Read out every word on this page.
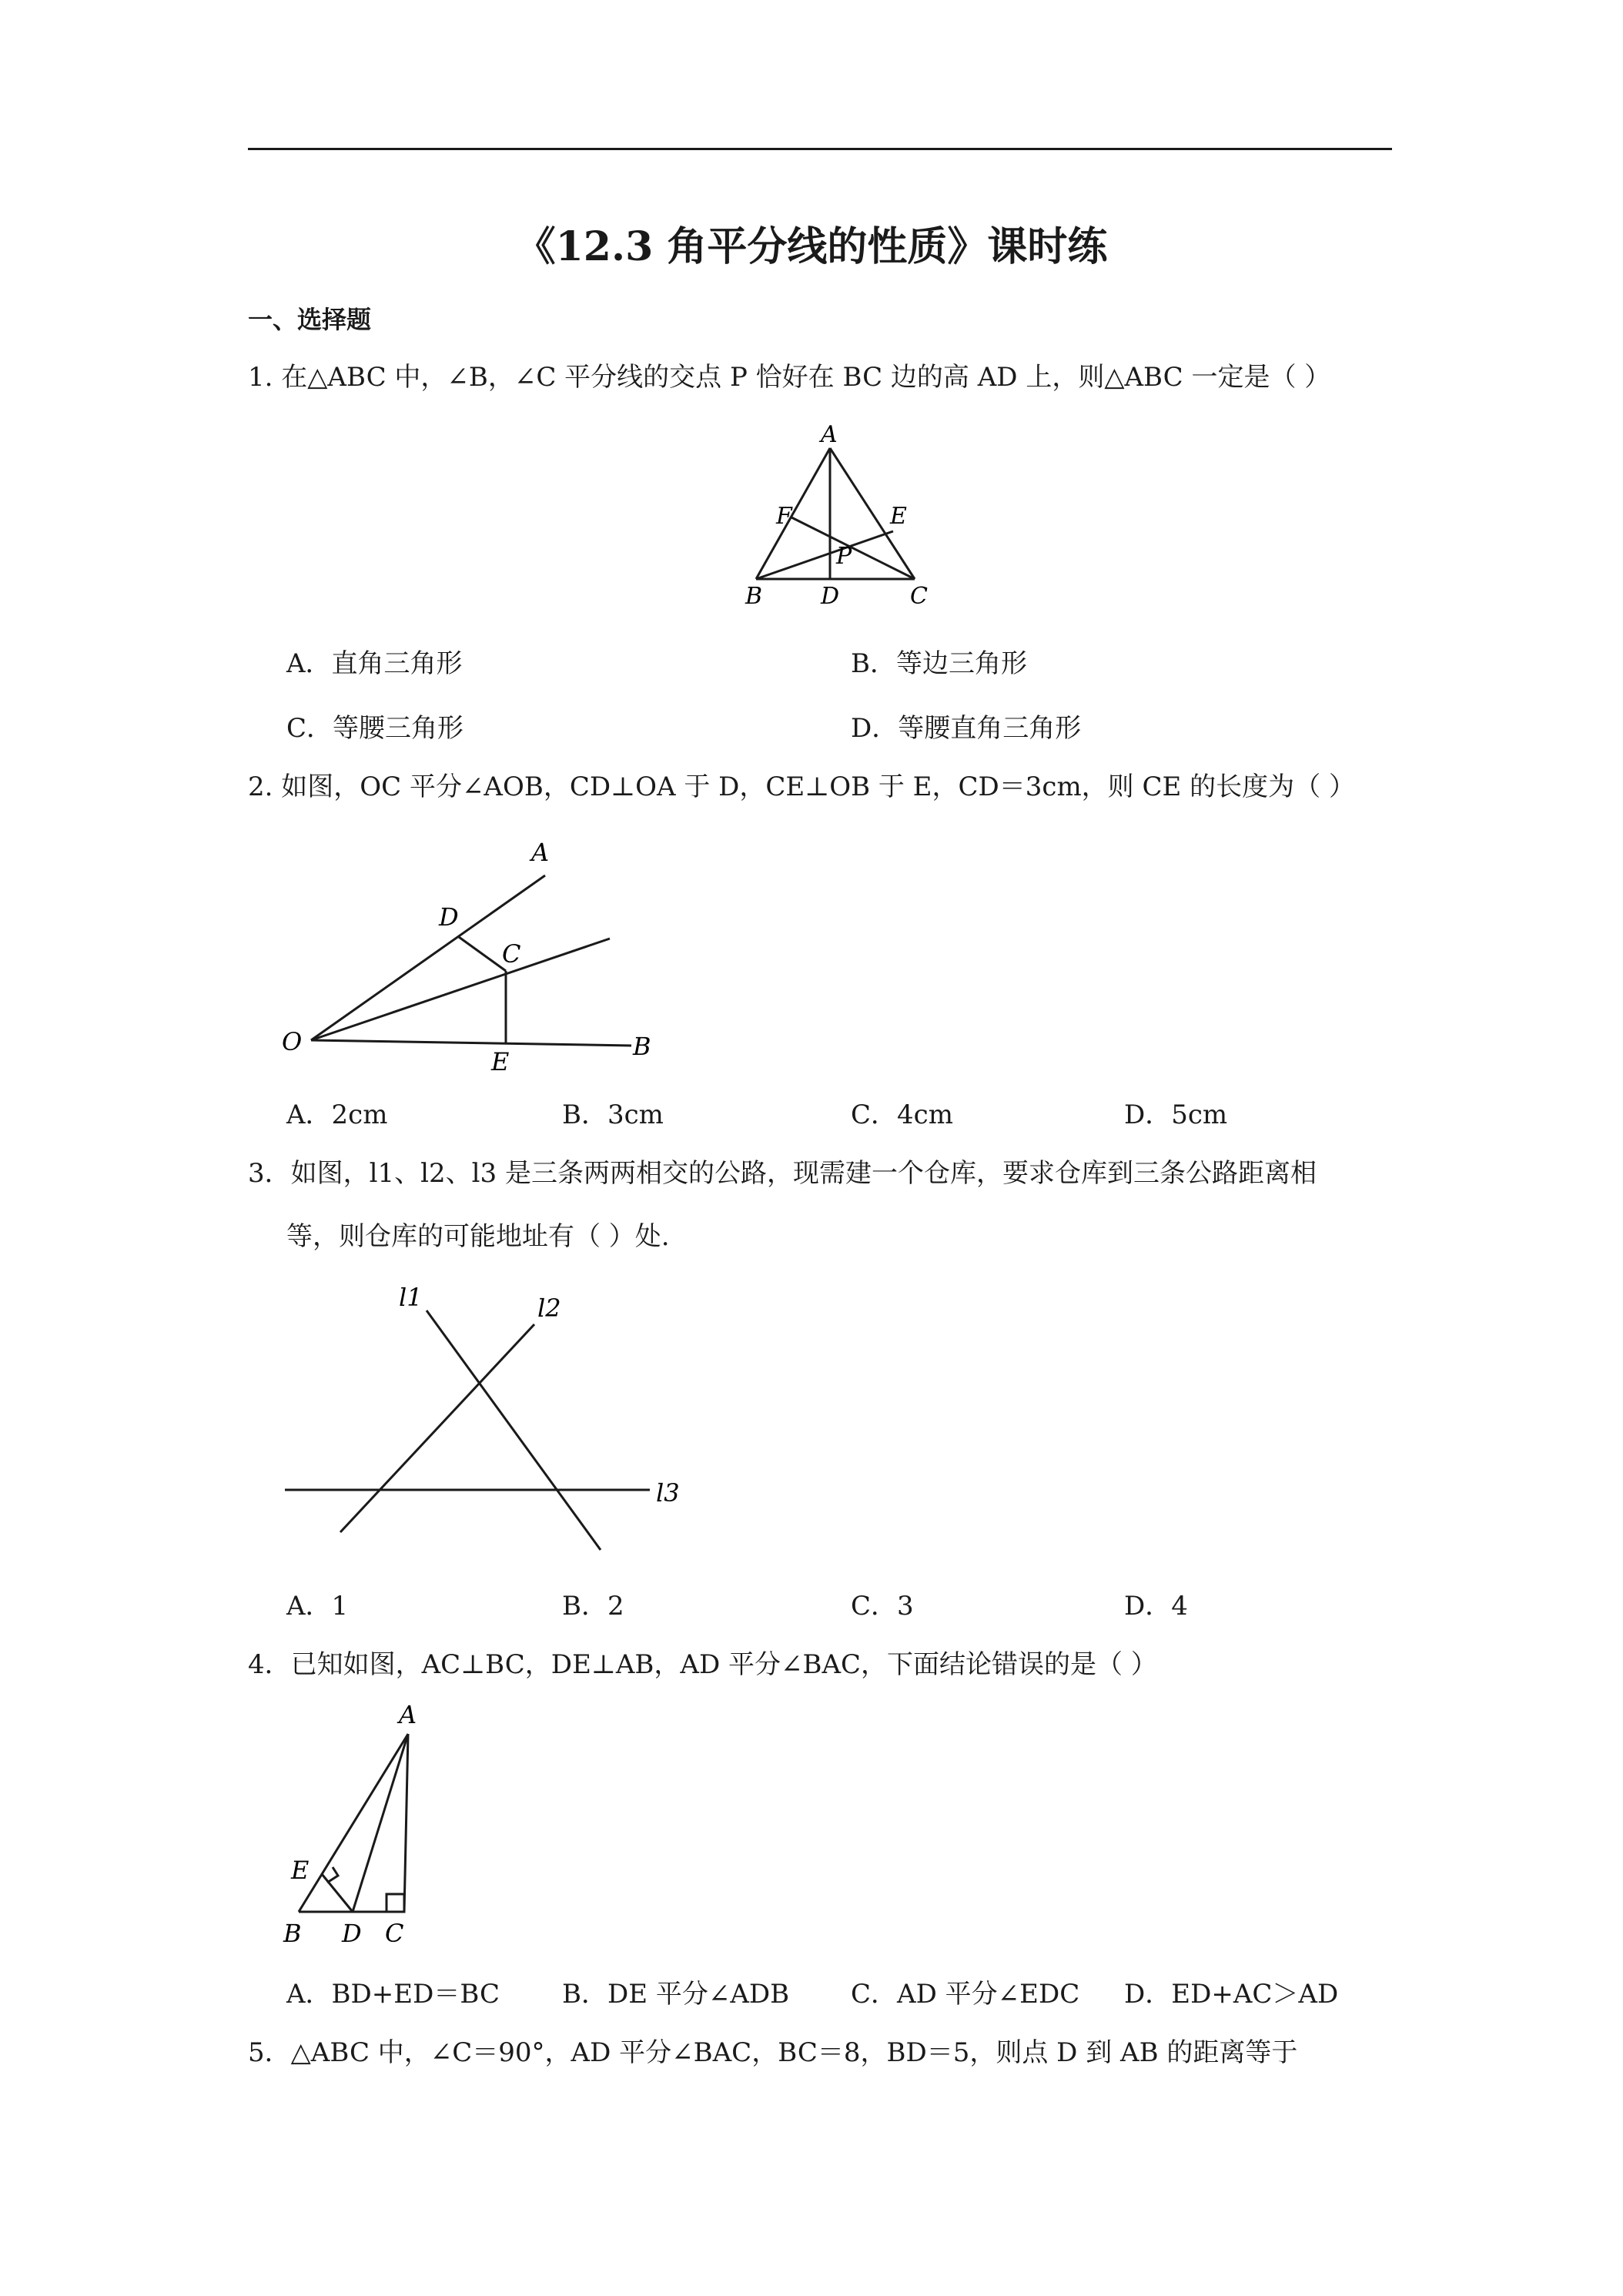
《12.3 角平分线的性质》课时练
一、选择题
1. 在△ABC 中，∠B，∠C 平分线的交点 P 恰好在 BC 边的高 AD 上，则△ABC 一定是（ ）
A
F	E
P
B	D	C
A．直角三角形	B．等边三角形
C．等腰三角形	D．等腰直角三角形
2. 如图，OC 平分∠AOB，CD⊥OA 于 D，CE⊥OB 于 E，CD＝3cm，则 CE 的长度为（ ）
A
D
C
O
E
B
A．2cm	B．3cm	C．4cm	D．5cm
3．如图，l1、l2、l3 是三条两两相交的公路，现需建一个仓库，要求仓库到三条公路距离相
等，则仓库的可能地址有（ ）处.
l1	l2
l3
A．1	B．2	C．3	D．4
4．已知如图，AC⊥BC，DE⊥AB，AD 平分∠BAC，下面结论错误的是（ ）
A
E
B D C
A．BD+ED＝BC B．DE 平分∠ADB C．AD 平分∠EDC D．ED+AC＞AD
5．△ABC 中，∠C＝90°，AD 平分∠BAC，BC＝8，BD＝5，则点 D 到 AB 的距离等于
